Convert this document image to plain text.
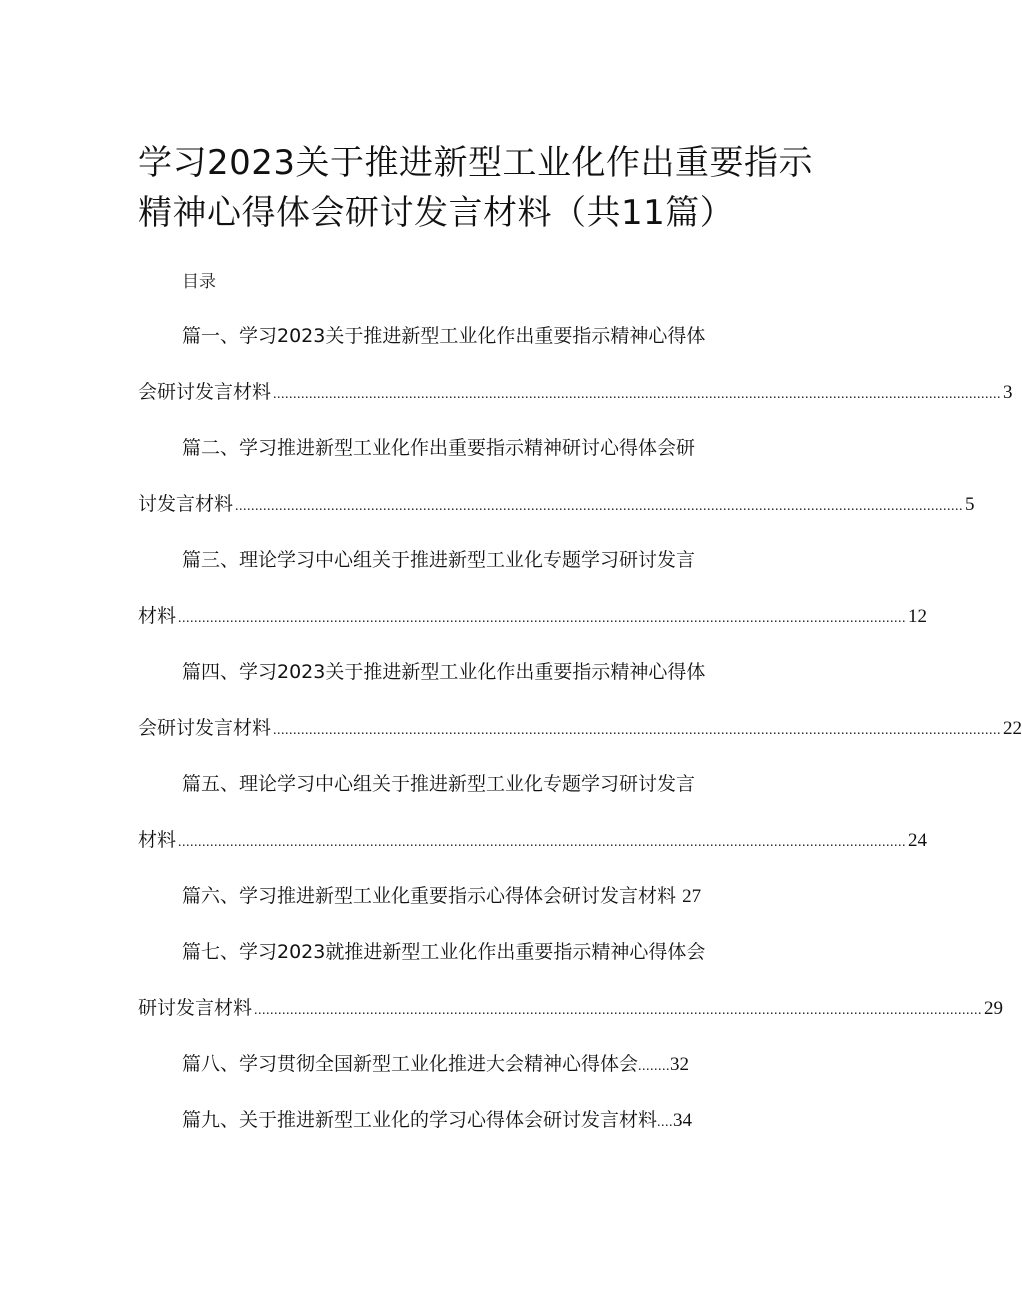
学习2023关于推进新型工业化作出重要指示
精神心得体会研讨发言材料（共11篇）
目录
篇一、学习2023关于推进新型工业化作出重要指示精神心得体
会研讨发言材料 ...................................................................................................................................................................................... 3
篇二、学习推进新型工业化作出重要指示精神研讨心得体会研
讨发言材料 ...................................................................................................................................................................................... 5
篇三、理论学习中心组关于推进新型工业化专题学习研讨发言
材料 ...................................................................................................................................................................................... 12
篇四、学习2023关于推进新型工业化作出重要指示精神心得体
会研讨发言材料 ...................................................................................................................................................................................... 22
篇五、理论学习中心组关于推进新型工业化专题学习研讨发言
材料 ...................................................................................................................................................................................... 24
篇六、学习推进新型工业化重要指示心得体会研讨发言材料 27
篇七、学习2023就推进新型工业化作出重要指示精神心得体会
研讨发言材料 ...................................................................................................................................................................................... 29
篇八、学习贯彻全国新型工业化推进大会精神心得体会........32
篇九、关于推进新型工业化的学习心得体会研讨发言材料....34
